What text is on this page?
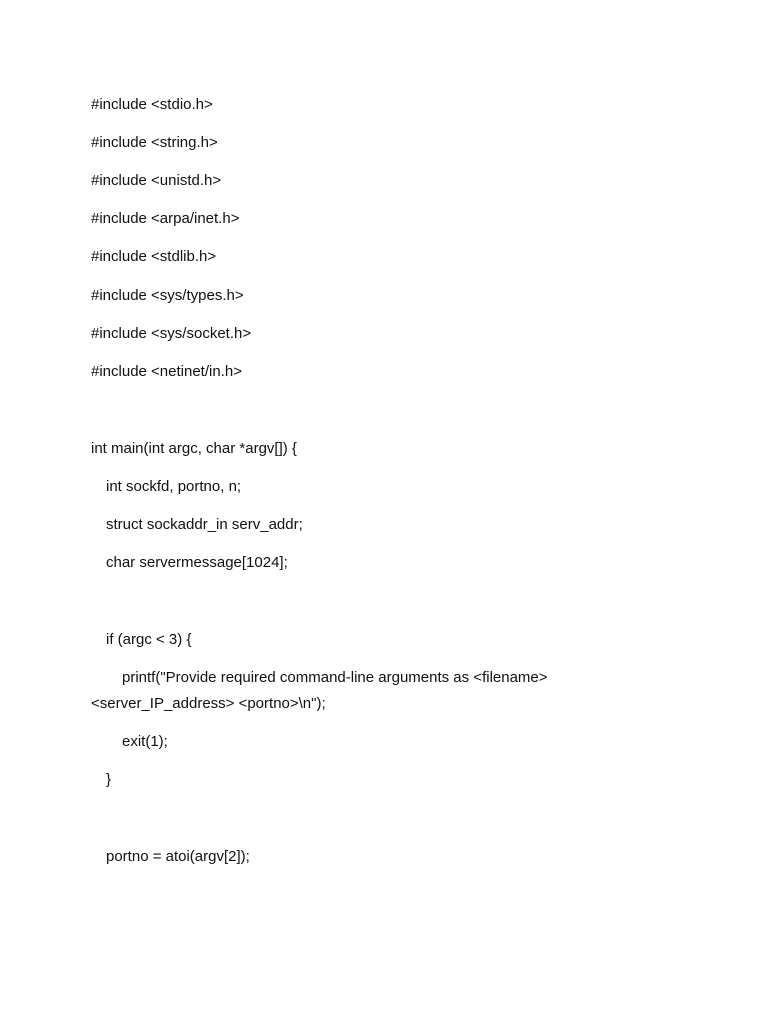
#include <stdio.h>

#include <string.h>

#include <unistd.h>

#include <arpa/inet.h>

#include <stdlib.h>

#include <sys/types.h>

#include <sys/socket.h>

#include <netinet/in.h>

int main(int argc, char *argv[]) {

int sockfd, portno, n;

struct sockaddr_in serv_addr;

char servermessage[1024];

if (argc < 3) {

printf("Provide required command-line arguments as <filename>

<server_IP_address> <portno>\n");

exit(1);

}

portno = atoi(argv[2]);
